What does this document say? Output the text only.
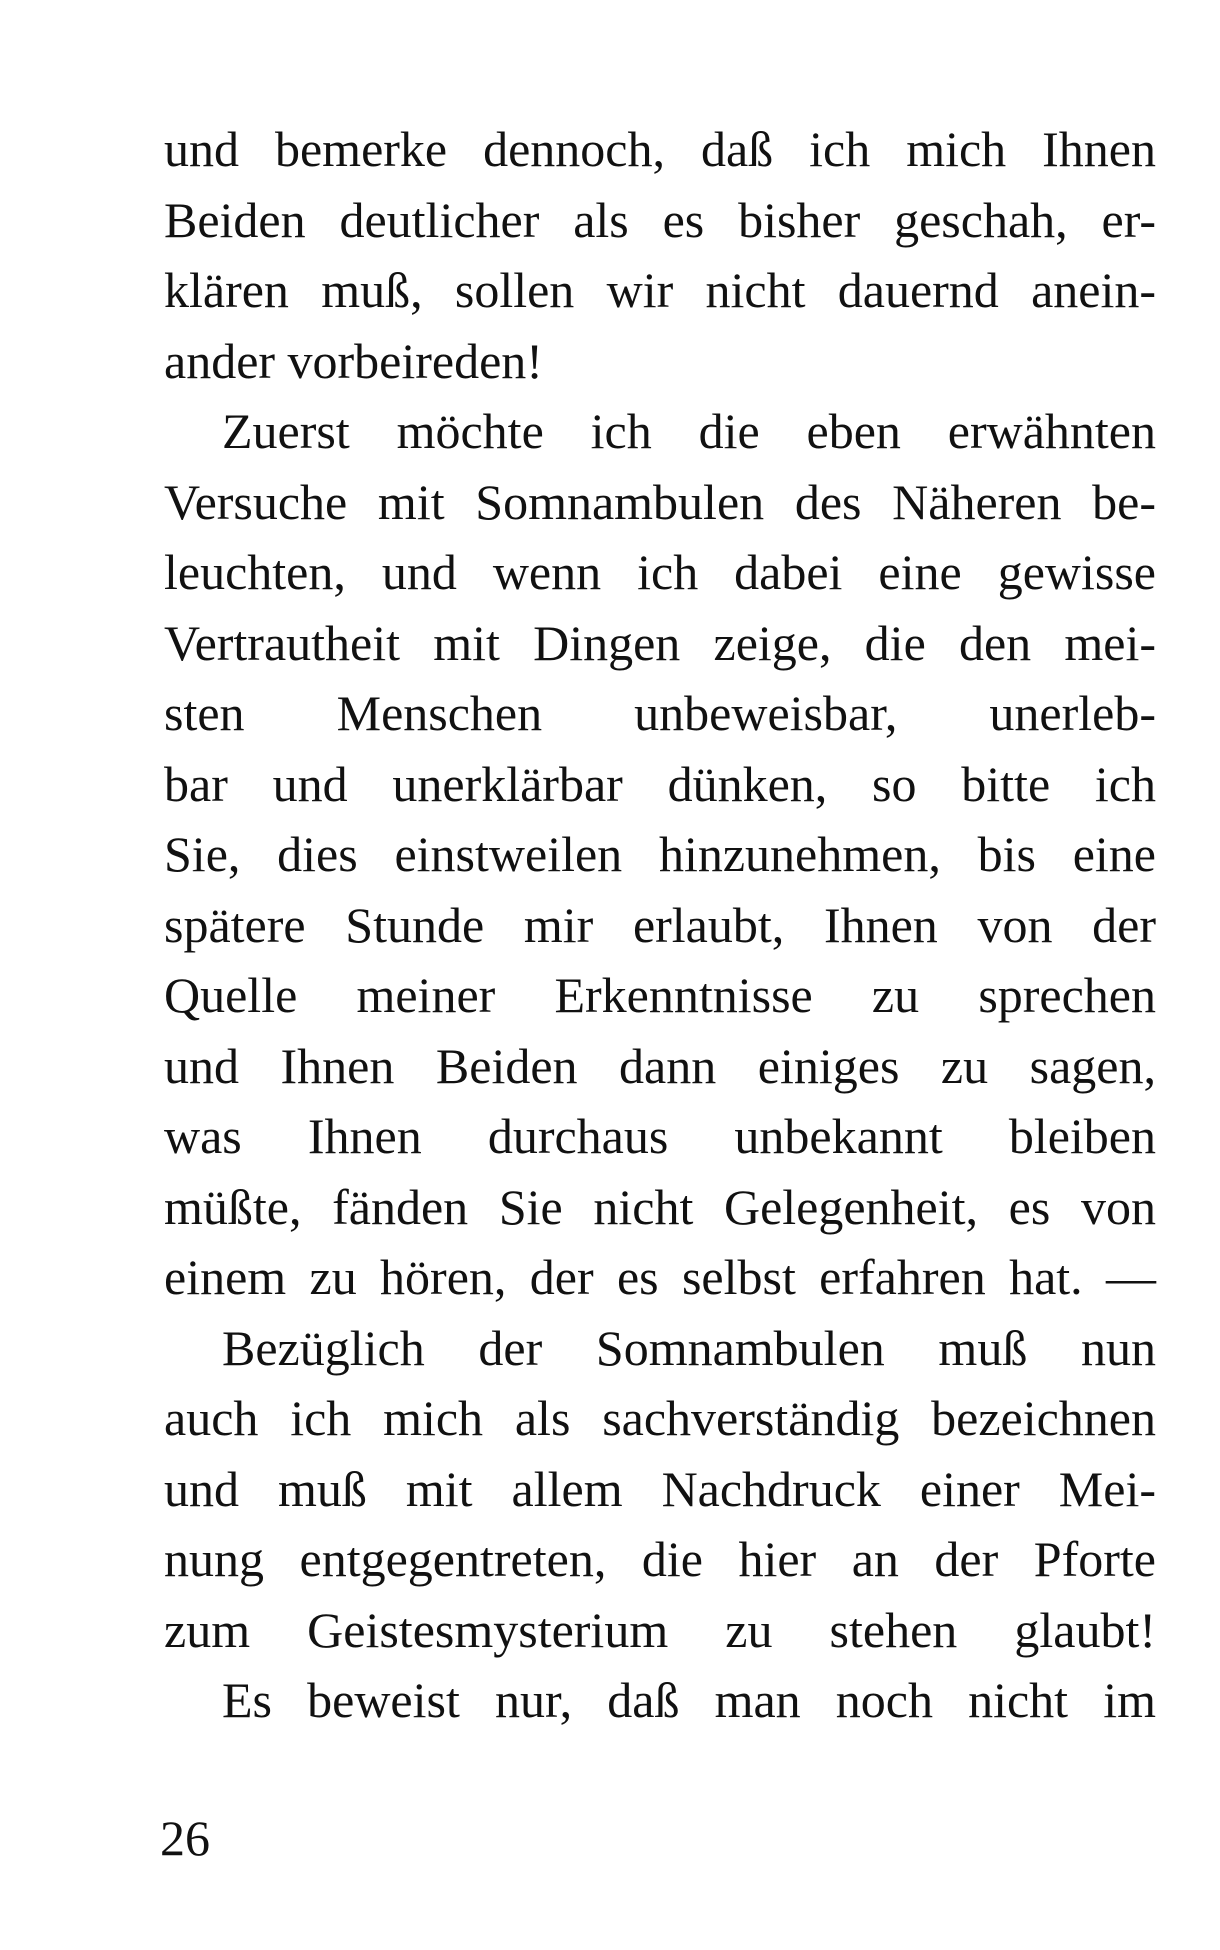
und bemerke dennoch, daß ich mich Ihnen
Beiden deutlicher als es bisher geschah, er-
klären muß, sollen wir nicht dauernd anein-
ander vorbeireden!
Zuerst möchte ich die eben erwähnten
Versuche mit Somnambulen des Näheren be-
leuchten, und wenn ich dabei eine gewisse
Vertrautheit mit Dingen zeige, die den mei-
sten Menschen unbeweisbar, unerleb-
bar und unerklärbar dünken, so bitte ich
Sie, dies einstweilen hinzunehmen, bis eine
spätere Stunde mir erlaubt, Ihnen von der
Quelle meiner Erkenntnisse zu sprechen
und Ihnen Beiden dann einiges zu sagen,
was Ihnen durchaus unbekannt bleiben
müßte, fänden Sie nicht Gelegenheit, es von
einem zu hören, der es selbst erfahren hat. —
Bezüglich der Somnambulen muß nun
auch ich mich als sachverständig bezeichnen
und muß mit allem Nachdruck einer Mei-
nung entgegentreten, die hier an der Pforte
zum Geistesmysterium zu stehen glaubt!
Es beweist nur, daß man noch nicht im
26
